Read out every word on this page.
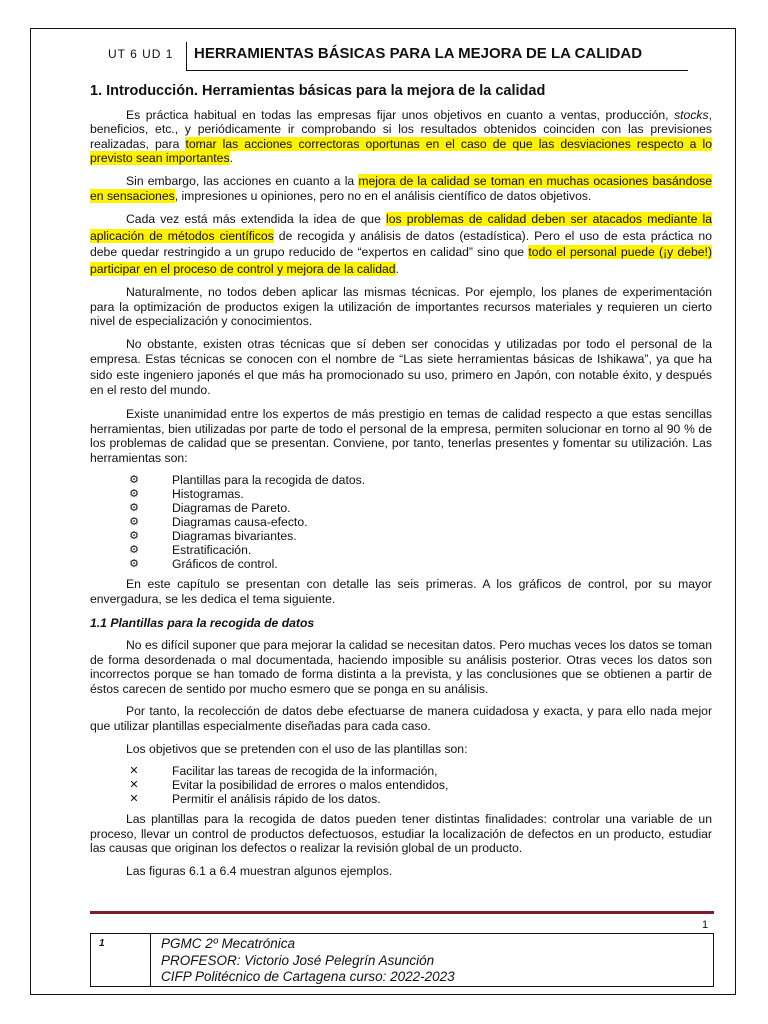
UT 6 UD 1 HERRAMIENTAS BÁSICAS PARA LA MEJORA DE LA CALIDAD
1. Introducción. Herramientas básicas para la mejora de la calidad

Es práctica habitual en todas las empresas fijar unos objetivos en cuanto a ventas, producción, stocks, beneficios, etc., y periódicamente ir comprobando si los resultados obtenidos coinciden con las previsiones realizadas, para tomar las acciones correctoras oportunas en el caso de que las desviaciones respecto a lo previsto sean importantes.

Sin embargo, las acciones en cuanto a la mejora de la calidad se toman en muchas ocasiones basándose en sensaciones, impresiones u opiniones, pero no en el análisis científico de datos objetivos.

Cada vez está más extendida la idea de que los problemas de calidad deben ser atacados mediante la aplicación de métodos científicos de recogida y análisis de datos (estadística). Pero el uso de esta práctica no debe quedar restringido a un grupo reducido de “expertos en calidad” sino que todo el personal puede (¡y debe!) participar en el proceso de control y mejora de la calidad.

Naturalmente, no todos deben aplicar las mismas técnicas. Por ejemplo, los planes de experimentación para la optimización de productos exigen la utilización de importantes recursos materiales y requieren un cierto nivel de especialización y conocimientos.

No obstante, existen otras técnicas que sí deben ser conocidas y utilizadas por todo el personal de la empresa. Estas técnicas se conocen con el nombre de “Las siete herramientas básicas de Ishikawa”, ya que ha sido este ingeniero japonés el que más ha promocionado su uso, primero en Japón, con notable éxito, y después en el resto del mundo.

Existe unanimidad entre los expertos de más prestigio en temas de calidad respecto a que estas sencillas herramientas, bien utilizadas por parte de todo el personal de la empresa, permiten solucionar en torno al 90 % de los problemas de calidad que se presentan. Conviene, por tanto, tenerlas presentes y fomentar su utilización. Las herramientas son:

⚙	Plantillas para la recogida de datos.
⚙	Histogramas.
⚙	Diagramas de Pareto.
⚙	Diagramas causa-efecto.
⚙	Diagramas bivariantes.
⚙	Estratificación.
⚙	Gráficos de control.

En este capítulo se presentan con detalle las seis primeras. A los gráficos de control, por su mayor envergadura, se les dedica el tema siguiente.

1.1 Plantillas para la recogida de datos

No es difícil suponer que para mejorar la calidad se necesitan datos. Pero muchas veces los datos se toman de forma desordenada o mal documentada, haciendo imposible su análisis posterior. Otras veces los datos son incorrectos porque se han tomado de forma distinta a la prevista, y las conclusiones que se obtienen a partir de éstos carecen de sentido por mucho esmero que se ponga en su análisis.

Por tanto, la recolección de datos debe efectuarse de manera cuidadosa y exacta, y para ello nada mejor que utilizar plantillas especialmente diseñadas para cada caso.

Los objetivos que se pretenden con el uso de las plantillas son:

✕	Facilitar las tareas de recogida de la información,
✕	Evitar la posibilidad de errores o malos entendidos,
✕	Permitir el análisis rápido de los datos.

Las plantillas para la recogida de datos pueden tener distintas finalidades: controlar una variable de un proceso, llevar un control de productos defectuosos, estudiar la localización de defectos en un producto, estudiar las causas que originan los defectos o realizar la revisión global de un producto.

Las figuras 6.1 a 6.4 muestran algunos ejemplos.

1
1	PGMC 2º Mecatrónica
PROFESOR: Victorio José Pelegrín Asunción
CIFP Politécnico de Cartagena curso: 2022-2023
